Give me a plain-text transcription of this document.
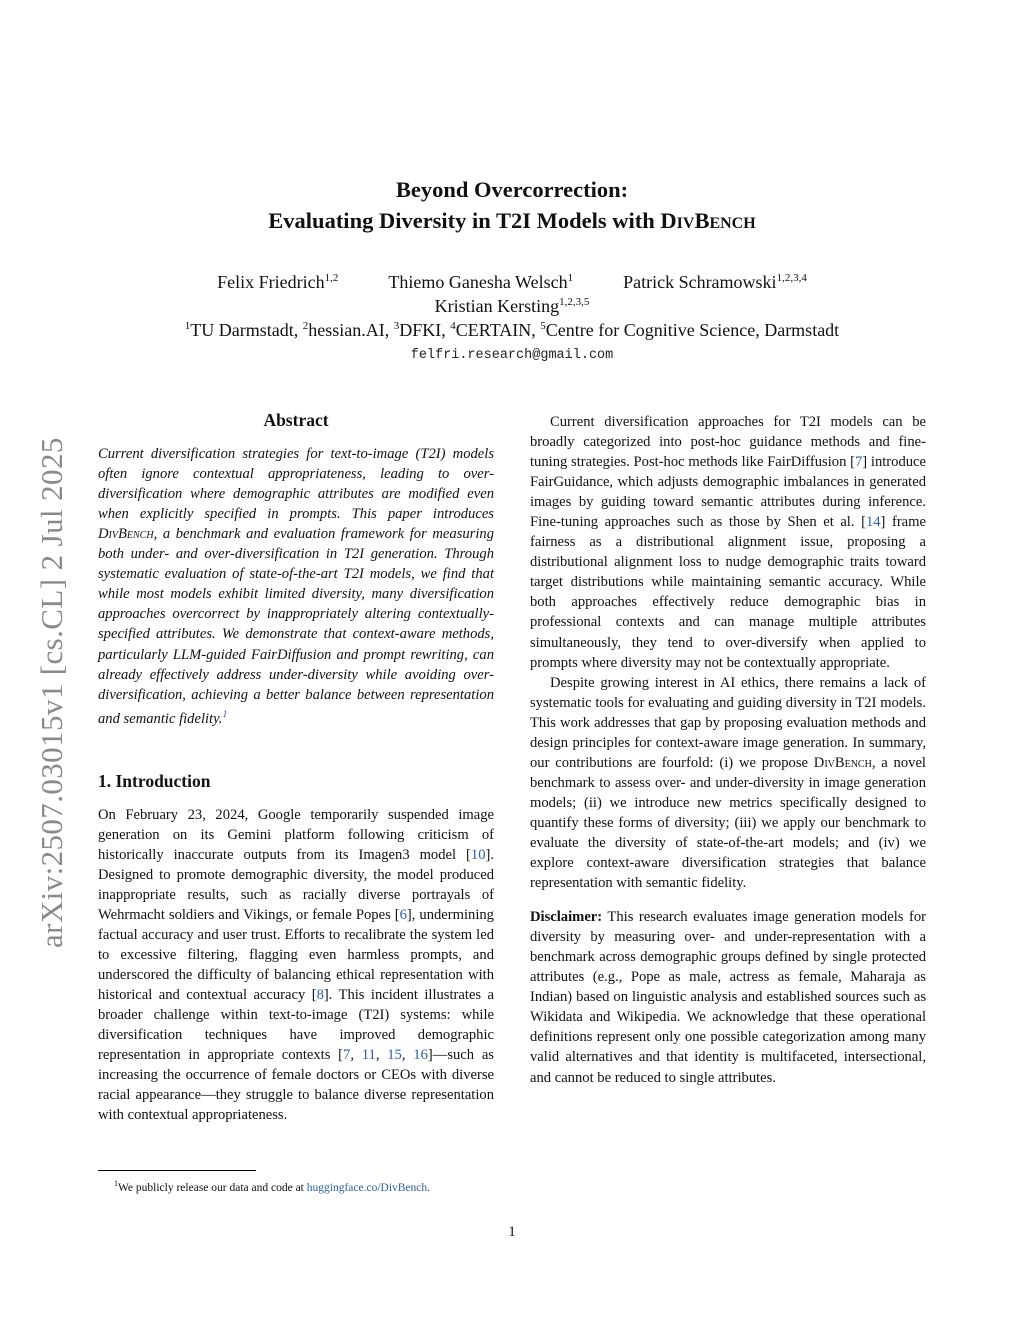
arXiv:2507.03015v1 [cs.CL] 2 Jul 2025
Beyond Overcorrection:
Evaluating Diversity in T2I Models with DivBench
Felix Friedrich$^{1,2}$	Thiemo Ganesha Welsch$^1$	Patrick Schramowski$^{1,2,3,4}$
Kristian Kersting$^{1,2,3,5}$
$^1$TU Darmstadt, $^2$hessian.AI, $^3$DFKI, $^4$CERTAIN, $^5$Centre for Cognitive Science, Darmstadt
felfri.research@gmail.com
Abstract

Current diversification strategies for text-to-image (T2I) models often ignore contextual appropriateness, leading to over-diversification where demographic attributes are modified even when explicitly specified in prompts. This paper introduces DivBench, a benchmark and evaluation framework for measuring both under- and over-diversification in T2I generation. Through systematic evaluation of state-of-the-art T2I models, we find that while most models exhibit limited diversity, many diversification approaches overcorrect by inappropriately altering contextually-specified attributes. We demonstrate that context-aware methods, particularly LLM-guided FairDiffusion and prompt rewriting, can already effectively address under-diversity while avoiding over-diversification, achieving a better balance between representation and semantic fidelity.$^1$

1. Introduction

On February 23, 2024, Google temporarily suspended image generation on its Gemini platform following criticism of historically inaccurate outputs from its Imagen3 model [10]. Designed to promote demographic diversity, the model produced inappropriate results, such as racially diverse portrayals of Wehrmacht soldiers and Vikings, or female Popes [6], undermining factual accuracy and user trust. Efforts to recalibrate the system led to excessive filtering, flagging even harmless prompts, and underscored the difficulty of balancing ethical representation with historical and contextual accuracy [8]. This incident illustrates a broader challenge within text-to-image (T2I) systems: while diversification techniques have improved demographic representation in appropriate contexts [7, 11, 15, 16]—such as increasing the occurrence of female doctors or CEOs with diverse racial appearance—they struggle to balance diverse representation with contextual appropriateness.

Current diversification approaches for T2I models can be broadly categorized into post-hoc guidance methods and fine-tuning strategies. Post-hoc methods like FairDiffusion [7] introduce FairGuidance, which adjusts demographic imbalances in generated images by guiding toward semantic attributes during inference. Fine-tuning approaches such as those by Shen et al. [14] frame fairness as a distributional alignment issue, proposing a distributional alignment loss to nudge demographic traits toward target distributions while maintaining semantic accuracy. While both approaches effectively reduce demographic bias in professional contexts and can manage multiple attributes simultaneously, they tend to over-diversify when applied to prompts where diversity may not be contextually appropriate.

Despite growing interest in AI ethics, there remains a lack of systematic tools for evaluating and guiding diversity in T2I models. This work addresses that gap by proposing evaluation methods and design principles for context-aware image generation. In summary, our contributions are fourfold: (i) we propose DivBench, a novel benchmark to assess over- and under-diversity in image generation models; (ii) we introduce new metrics specifically designed to quantify these forms of diversity; (iii) we apply our benchmark to evaluate the diversity of state-of-the-art models; and (iv) we explore context-aware diversification strategies that balance representation with semantic fidelity.

Disclaimer: This research evaluates image generation models for diversity by measuring over- and under-representation with a benchmark across demographic groups defined by single protected attributes (e.g., Pope as male, actress as female, Maharaja as Indian) based on linguistic analysis and established sources such as Wikidata and Wikipedia. We acknowledge that these operational definitions represent only one possible categorization among many valid alternatives and that identity is multifaceted, intersectional, and cannot be reduced to single attributes.

$^1$We publicly release our data and code at huggingface.co/DivBench.
1
